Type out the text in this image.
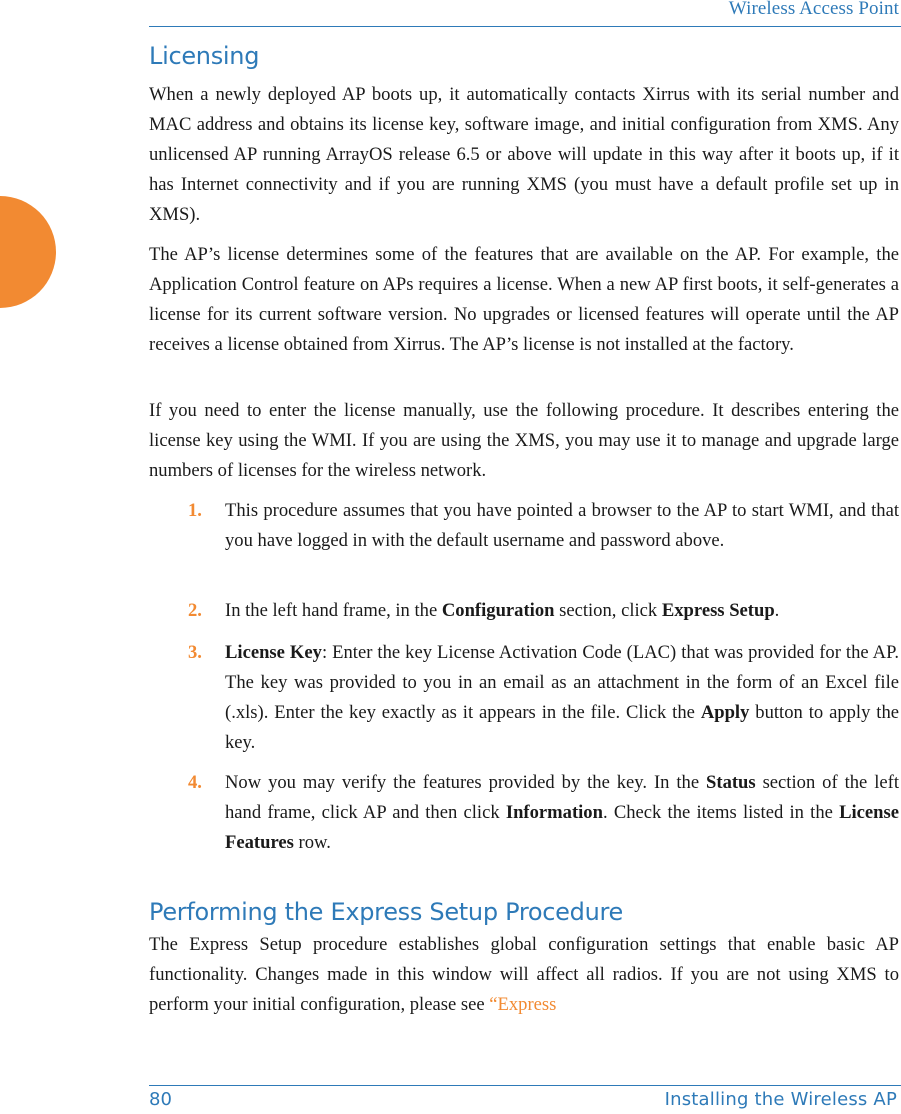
Wireless Access Point
Licensing

When a newly deployed AP boots up, it automatically contacts Xirrus with its serial number and MAC address and obtains its license key, software image, and initial configuration from XMS. Any unlicensed AP running ArrayOS release 6.5 or above will update in this way after it boots up, if it has Internet connectivity and if you are running XMS (you must have a default profile set up in XMS).

The AP’s license determines some of the features that are available on the AP. For example, the Application Control feature on APs requires a license. When a new AP first boots, it self-generates a license for its current software version. No upgrades or licensed features will operate until the AP receives a license obtained from Xirrus. The AP’s license is not installed at the factory.

If you need to enter the license manually, use the following procedure. It describes entering the license key using the WMI. If you are using the XMS, you may use it to manage and upgrade large numbers of licenses for the wireless network.

1. This procedure assumes that you have pointed a browser to the AP to start WMI, and that you have logged in with the default username and password above.

2. In the left hand frame, in the Configuration section, click Express Setup.

3. License Key: Enter the key License Activation Code (LAC) that was provided for the AP. The key was provided to you in an email as an attachment in the form of an Excel file (.xls). Enter the key exactly as it appears in the file. Click the Apply button to apply the key.

4. Now you may verify the features provided by the key. In the Status section of the left hand frame, click AP and then click Information. Check the items listed in the License Features row.

Performing the Express Setup Procedure

The Express Setup procedure establishes global configuration settings that enable basic AP functionality. Changes made in this window will affect all radios. If you are not using XMS to perform your initial configuration, please see “Express

80	Installing the Wireless AP
